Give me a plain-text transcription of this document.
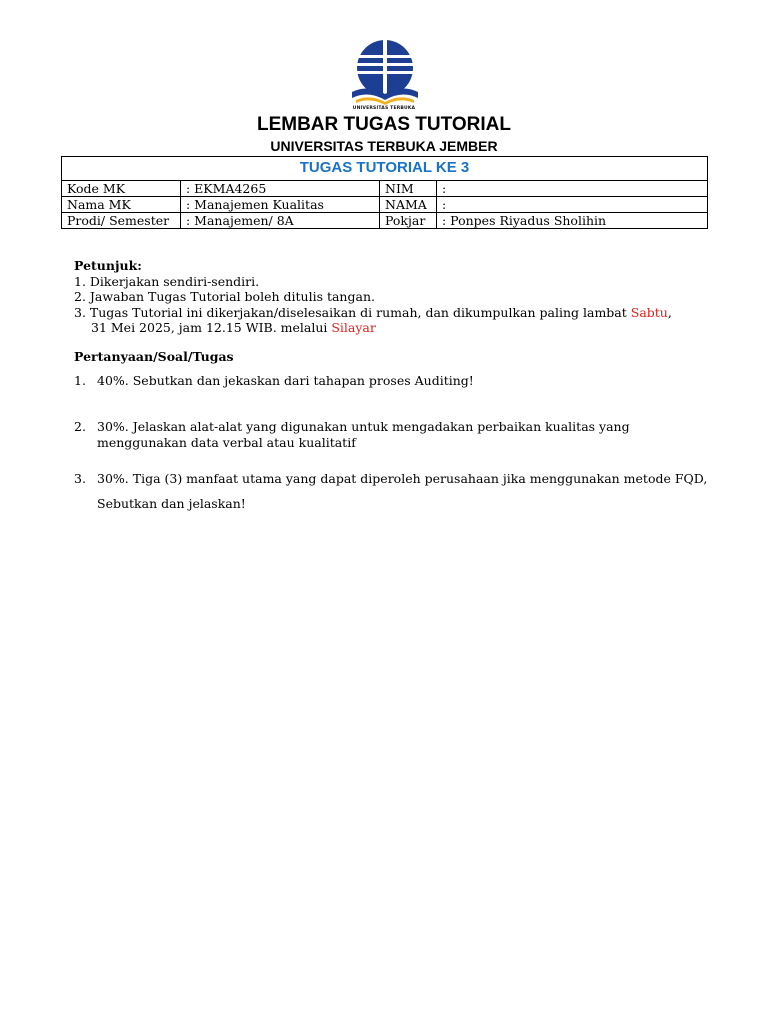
UNIVERSITAS TERBUKA
LEMBAR TUGAS TUTORIAL
UNIVERSITAS TERBUKA JEMBER
TUGAS TUTORIAL KE 3			
Kode MK	: EKMA4265	NIM	:
Nama MK	: Manajemen Kualitas	NAMA	:
Prodi/ Semester	: Manajemen/ 8A	Pokjar	: Ponpes Riyadus Sholihin
Petunjuk:
1. Dikerjakan sendiri-sendiri.
2. Jawaban Tugas Tutorial boleh ditulis tangan.
3. Tugas Tutorial ini dikerjakan/diselesaikan di rumah, dan dikumpulkan paling lambat Sabtu,
31 Mei 2025, jam 12.15 WIB. melalui Silayar
Pertanyaan/Soal/Tugas
1. 40%. Sebutkan dan jekaskan dari tahapan proses Auditing!
2. 30%. Jelaskan alat-alat yang digunakan untuk mengadakan perbaikan kualitas yang menggunakan data verbal atau kualitatif
3. 30%. Tiga (3) manfaat utama yang dapat diperoleh perusahaan jika menggunakan metode FQD,
Sebutkan dan jelaskan!
